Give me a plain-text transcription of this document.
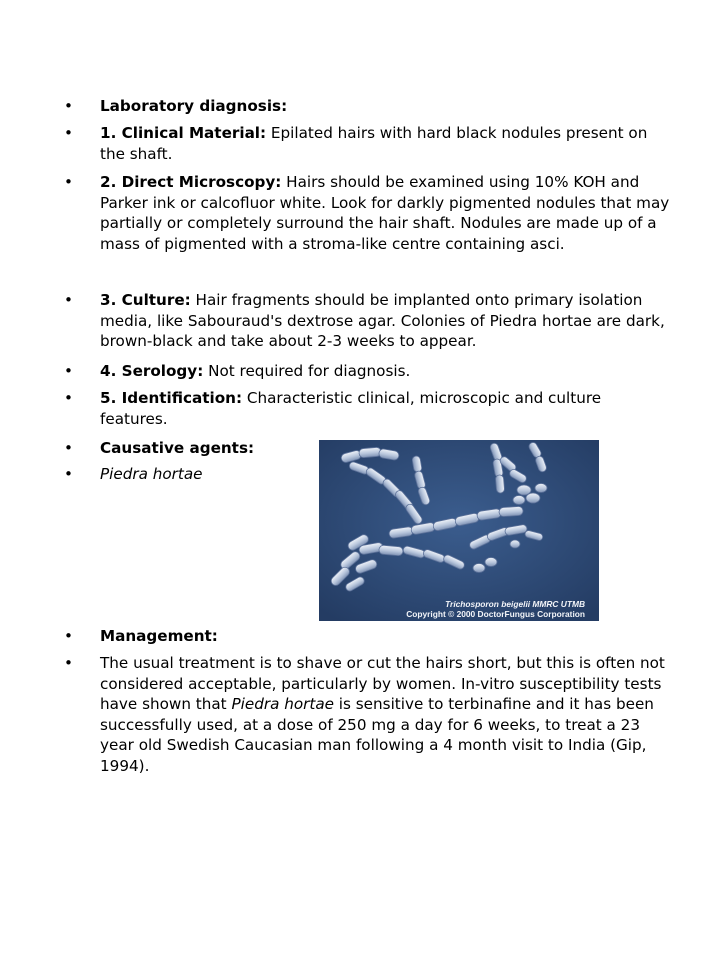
• Laboratory diagnosis:
• 1. Clinical Material: Epilated hairs with hard black nodules present on the shaft.
• 2. Direct Microscopy: Hairs should be examined using 10% KOH and Parker ink or calcofluor white. Look for darkly pigmented nodules that may partially or completely surround the hair shaft. Nodules are made up of a mass of pigmented with a stroma-like centre containing asci.
• 3. Culture: Hair fragments should be implanted onto primary isolation media, like Sabouraud's dextrose agar. Colonies of Piedra hortae are dark, brown-black and take about 2-3 weeks to appear.
• 4. Serology: Not required for diagnosis.
• 5. Identification: Characteristic clinical, microscopic and culture features.
• Causative agents:
• Piedra hortae
• Management:
• The usual treatment is to shave or cut the hairs short, but this is often not considered acceptable, particularly by women. In-vitro susceptibility tests have shown that Piedra hortae is sensitive to terbinafine and it has been successfully used, at a dose of 250 mg a day for 6 weeks, to treat a 23 year old Swedish Caucasian man following a 4 month visit to India (Gip, 1994).
Trichosporon beigelii MMRC UTMB
Copyright © 2000 DoctorFungus Corporation
